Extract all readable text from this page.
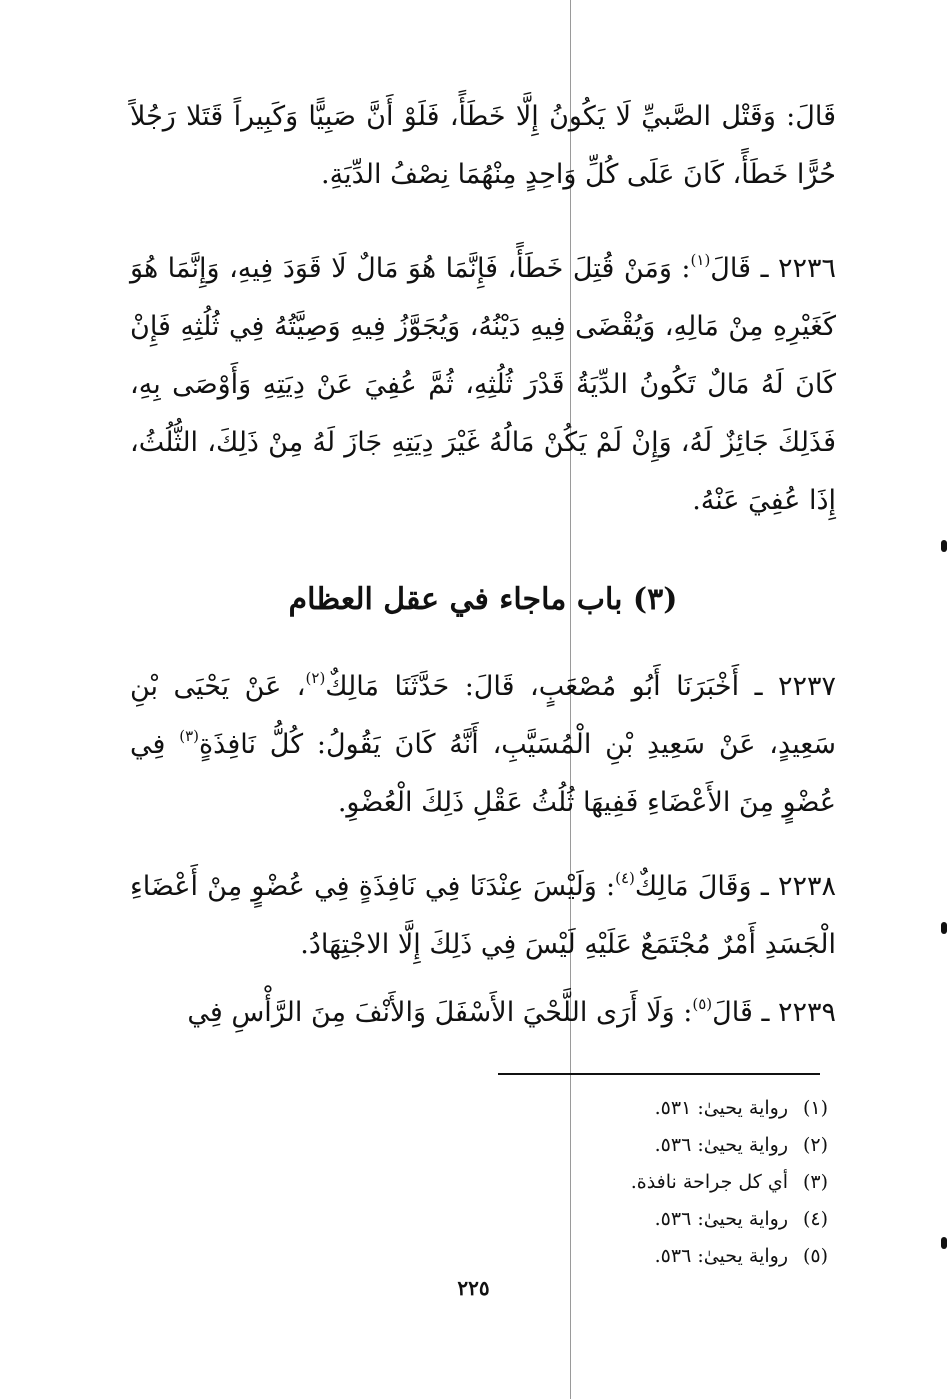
قَالَ: وَقَتْل الصَّبيِّ لَا يَكُونُ إِلَّا خَطَأً، فَلَوْ أَنَّ صَبِيًّا وَكَبِيراً قَتَلا رَجُلاً حُرًّا خَطَأً، كَانَ عَلَى كُلِّ وَاحِدٍ مِنْهُمَا نِصْفُ الدِّيَةِ.

٢٢٣٦ ـ قَالَ$^{(١)}$: وَمَنْ قُتِلَ خَطَأً، فَإِنَّمَا هُوَ مَالٌ لَا قَوَدَ فِيهِ، وَإِنَّمَا هُوَ كَغَيْرِهِ مِنْ مَالِهِ، وَيُقْضَى فِيهِ دَيْنُهُ، وَيُجَوَّزُ فِيهِ وَصِيَّتُهُ فِي ثُلُثِهِ فَإِنْ كَانَ لَهُ مَالٌ تَكُونُ الدِّيَةُ قَدْرَ ثُلُثِهِ، ثُمَّ عُفِيَ عَنْ دِيَتِهِ وَأَوْصَى بِهِ، فَذَلِكَ جَائِزٌ لَهُ، وَإِنْ لَمْ يَكُنْ مَالُهُ غَيْرَ دِيَتِهِ جَازَ لَهُ مِنْ ذَلِكَ، الثُّلُثُ، إِذَا عُفِيَ عَنْهُ.

(٣) باب ماجاء في عقل العظام

٢٢٣٧ ـ أَخْبَرَنَا أَبُو مُصْعَبٍ، قَالَ: حَدَّثَنَا مَالِكٌ$^{(٢)}$، عَنْ يَحْيَى بْنِ سَعِيدٍ، عَنْ سَعِيدِ بْنِ الْمُسَيَّبِ، أَنَّهُ كَانَ يَقُولُ: كُلُّ نَافِذَةٍ$^{(٣)}$ فِي عُضْوٍ مِنَ الأَعْضَاءِ فَفِيهَا ثُلُثُ عَقْلِ ذَلِكَ الْعُضْوِ.

٢٢٣٨ ـ وَقَالَ مَالِكٌ$^{(٤)}$: وَلَيْسَ عِنْدَنَا فِي نَافِذَةٍ فِي عُضْوٍ مِنْ أَعْضَاءِ الْجَسَدِ أَمْرٌ مُجْتَمَعٌ عَلَيْهِ لَيْسَ فِي ذَلِكَ إِلَّا الاجْتِهَادُ.

٢٢٣٩ ـ قَالَ$^{(٥)}$: وَلَا أَرَى اللَّحْيَ الأَسْفَلَ وَالأَنْفَ مِنَ الرَّأْسِ فِي

(١)
رواية يحيىٰ: ٥٣١.
(٢)
رواية يحيىٰ: ٥٣٦.
(٣)
أي كل جراحة نافذة.
(٤)
رواية يحيىٰ: ٥٣٦.
(٥)
رواية يحيىٰ: ٥٣٦.
٢٢٥
